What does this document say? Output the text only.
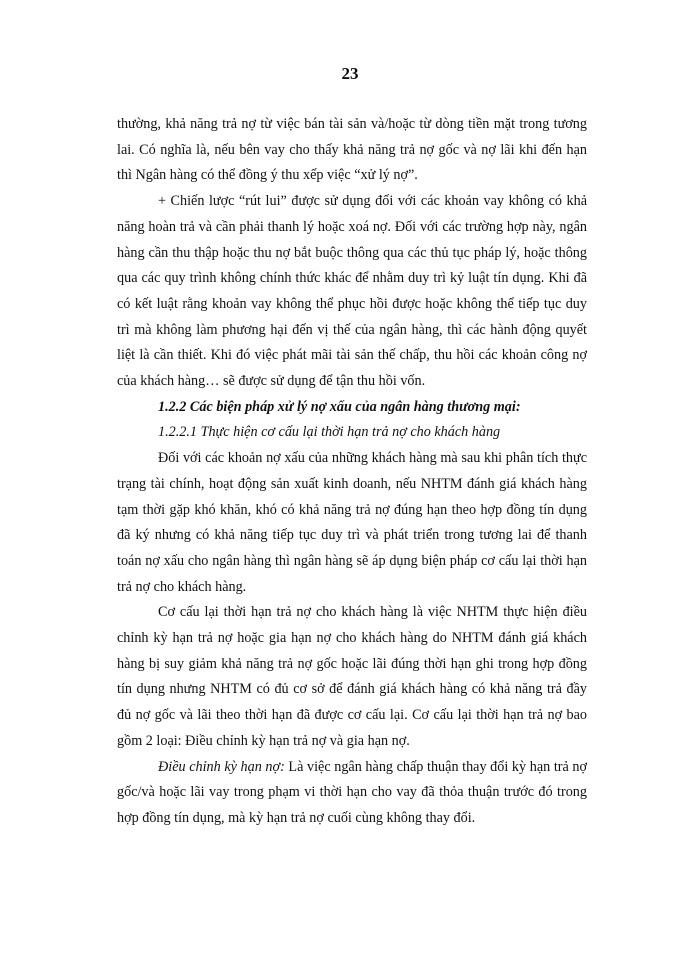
23

thường, khả năng trả nợ từ việc bán tài sản và/hoặc từ dòng tiền mặt trong tương lai. Có nghĩa là, nếu bên vay cho thấy khả năng trả nợ gốc và nợ lãi khi đến hạn thì Ngân hàng có thể đồng ý thu xếp việc “xử lý nợ”.

+ Chiến lược “rút lui” được sử dụng đối với các khoản vay không có khả năng hoàn trả và cần phải thanh lý hoặc xoá nợ. Đối với các trường hợp này, ngân hàng cần thu thập hoặc thu nợ bắt buộc thông qua các thủ tục pháp lý, hoặc thông qua các quy trình không chính thức khác để nhằm duy trì kỷ luật tín dụng. Khi đã có kết luật rằng khoản vay không thể phục hồi được hoặc không thể tiếp tục duy trì mà không làm phương hại đến vị thế của ngân hàng, thì các hành động quyết liệt là cần thiết. Khi đó việc phát mãi tài sản thế chấp, thu hồi các khoản công nợ của khách hàng… sẽ được sử dụng để tận thu hồi vốn.

1.2.2 Các biện pháp xử lý nợ xấu của ngân hàng thương mại:

1.2.2.1 Thực hiện cơ cấu lại thời hạn trả nợ cho khách hàng

Đối với các khoản nợ xấu của những khách hàng mà sau khi phân tích thực trạng tài chính, hoạt động sản xuất kinh doanh, nếu NHTM đánh giá khách hàng tạm thời gặp khó khăn, khó có khả năng trả nợ đúng hạn theo hợp đồng tín dụng đã ký nhưng có khả năng tiếp tục duy trì và phát triển trong tương lai để thanh toán nợ xấu cho ngân hàng thì ngân hàng sẽ áp dụng biện pháp cơ cấu lại thời hạn trả nợ cho khách hàng.

Cơ cấu lại thời hạn trả nợ cho khách hàng là việc NHTM thực hiện điều chỉnh kỳ hạn trả nợ hoặc gia hạn nợ cho khách hàng do NHTM đánh giá khách hàng bị suy giảm khả năng trả nợ gốc hoặc lãi đúng thời hạn ghi trong hợp đồng tín dụng nhưng NHTM có đủ cơ sở để đánh giá khách hàng có khả năng trả đầy đủ nợ gốc và lãi theo thời hạn đã được cơ cấu lại. Cơ cấu lại thời hạn trả nợ bao gồm 2 loại: Điều chỉnh kỳ hạn trả nợ và gia hạn nợ.

Điều chỉnh kỳ hạn nợ: Là việc ngân hàng chấp thuận thay đổi kỳ hạn trả nợ gốc/và hoặc lãi vay trong phạm vi thời hạn cho vay đã thỏa thuận trước đó trong hợp đồng tín dụng, mà kỳ hạn trả nợ cuối cùng không thay đổi.
